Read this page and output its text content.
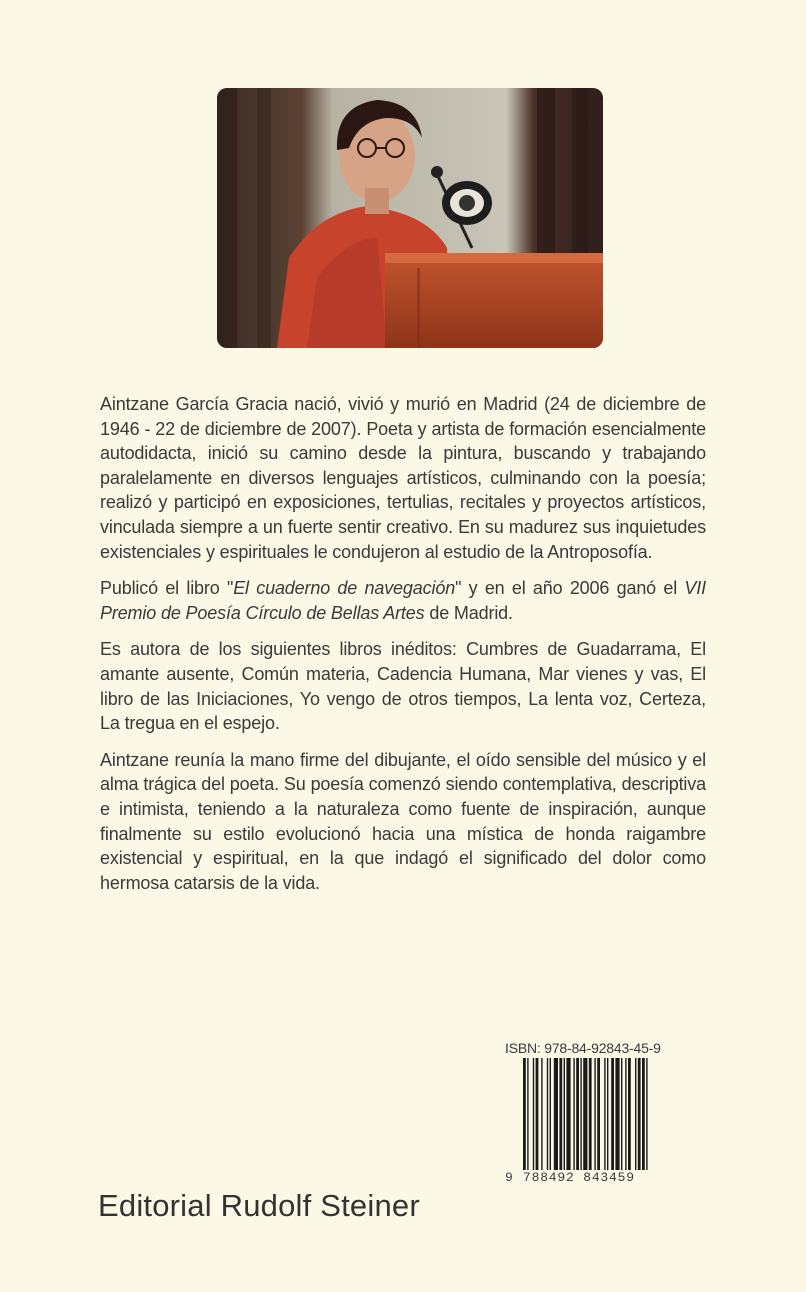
Aintzane García Gracia nació, vivió y murió en Madrid (24 de diciembre de 1946 - 22 de diciembre de 2007). Poeta y artista de formación esencialmente autodidacta, inició su camino desde la pintura, buscando y trabajando paralelamente en diversos lenguajes artísticos, culminando con la poesía; realizó y participó en exposiciones, tertulias, recitales y proyectos artísticos, vinculada siempre a un fuerte sentir creativo. En su madurez sus inquietudes existenciales y espirituales le condujeron al estudio de la Antroposofía.

Publicó el libro "El cuaderno de navegación" y en el año 2006 ganó el VII Premio de Poesía Círculo de Bellas Artes de Madrid.

Es autora de los siguientes libros inéditos: Cumbres de Guadarrama, El amante ausente, Común materia, Cadencia Humana, Mar vienes y vas, El libro de las Iniciaciones, Yo vengo de otros tiempos, La lenta voz, Certeza, La tregua en el espejo.

Aintzane reunía la mano firme del dibujante, el oído sensible del músico y el alma trágica del poeta. Su poesía comenzó siendo contemplativa, descriptiva e intimista, teniendo a la naturaleza como fuente de inspiración, aunque finalmente su estilo evolucionó hacia una mística de honda raigambre existencial y espiritual, en la que indagó el significado del dolor como hermosa catarsis de la vida.

ISBN: 978-84-92843-45-9
9 788492 843459
Editorial Rudolf Steiner
